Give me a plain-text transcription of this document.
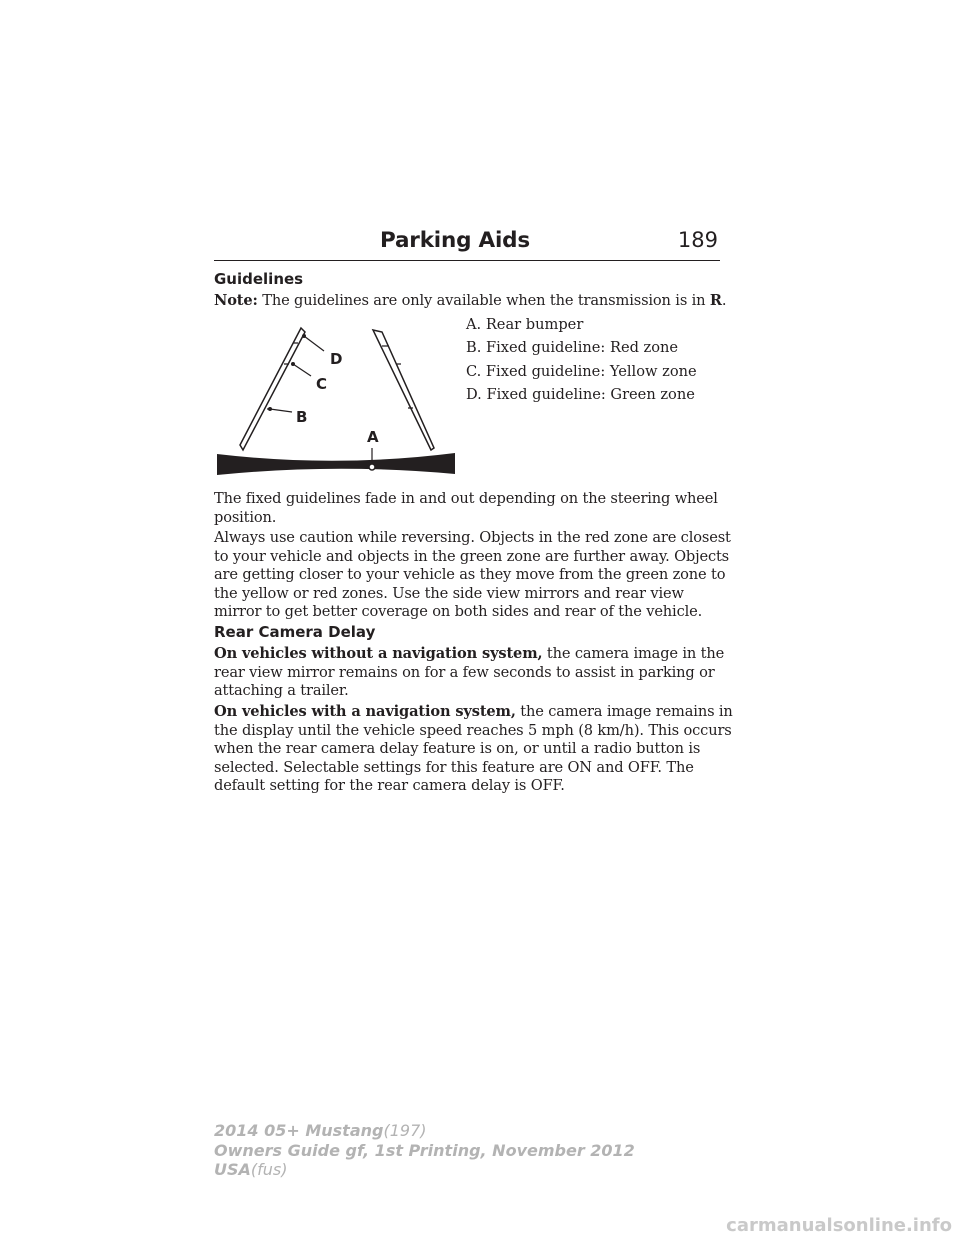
Parking Aids	189
Guidelines
Note: The guidelines are only available when the transmission is in R.
D
C
B
A
A. Rear bumper
B. Fixed guideline: Red zone
C. Fixed guideline: Yellow zone
D. Fixed guideline: Green zone
The fixed guidelines fade in and out depending on the steering wheel position.
Always use caution while reversing. Objects in the red zone are closest to your vehicle and objects in the green zone are further away. Objects are getting closer to your vehicle as they move from the green zone to the yellow or red zones. Use the side view mirrors and rear view mirror to get better coverage on both sides and rear of the vehicle.
Rear Camera Delay
On vehicles without a navigation system, the camera image in the rear view mirror remains on for a few seconds to assist in parking or attaching a trailer.
On vehicles with a navigation system, the camera image remains in the display until the vehicle speed reaches 5 mph (8 km/h). This occurs when the rear camera delay feature is on, or until a radio button is selected. Selectable settings for this feature are ON and OFF. The default setting for the rear camera delay is OFF.
2014 05+ Mustang(197)
Owners Guide gf, 1st Printing, November 2012
USA(fus)
carmanualsonline.info
